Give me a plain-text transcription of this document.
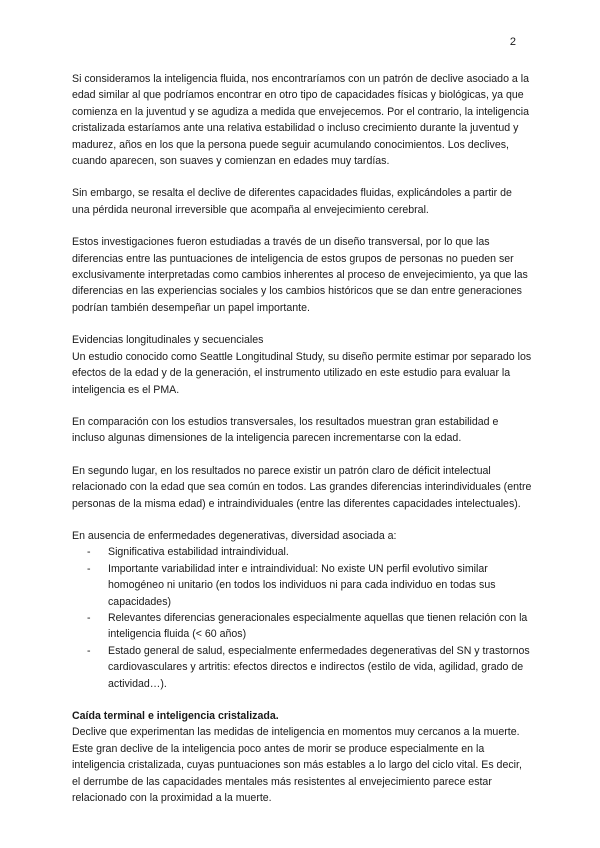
2

Si consideramos la inteligencia fluida, nos encontraríamos con un patrón de declive asociado a la edad similar al que podríamos encontrar en otro tipo de capacidades físicas y biológicas, ya que comienza en la juventud y se agudiza a medida que envejecemos. Por el contrario, la inteligencia cristalizada estaríamos ante una relativa estabilidad o incluso crecimiento durante la juventud y madurez, años en los que la persona puede seguir acumulando conocimientos. Los declives, cuando aparecen, son suaves y comienzan en edades muy tardías.

Sin embargo, se resalta el declive de diferentes capacidades fluidas, explicándoles a partir de una pérdida neuronal irreversible que acompaña al envejecimiento cerebral.

Estos investigaciones fueron estudiadas a través de un diseño transversal, por lo que las diferencias entre las puntuaciones de inteligencia de estos grupos de personas no pueden ser exclusivamente interpretadas como cambios inherentes al proceso de envejecimiento, ya que las diferencias en las experiencias sociales y los cambios históricos que se dan entre generaciones podrían también desempeñar un papel importante.

Evidencias longitudinales y secuenciales

Un estudio conocido como Seattle Longitudinal Study, su diseño permite estimar por separado los efectos de la edad y de la generación, el instrumento utilizado en este estudio para evaluar la inteligencia es el PMA.

En comparación con los estudios transversales, los resultados muestran gran estabilidad e incluso algunas dimensiones de la inteligencia parecen incrementarse con la edad.

En segundo lugar, en los resultados no parece existir un patrón claro de déficit intelectual relacionado con la edad que sea común en todos. Las grandes diferencias interindividuales (entre personas de la misma edad) e intraindividuales (entre las diferentes capacidades intelectuales).

En ausencia de enfermedades degenerativas, diversidad asociada a:
- Significativa estabilidad intraindividual.
- Importante variabilidad inter e intraindividual: No existe UN perfil evolutivo similar homogéneo ni unitario (en todos los individuos ni para cada individuo en todas sus capacidades)
- Relevantes diferencias generacionales especialmente aquellas que tienen relación con la inteligencia fluida (< 60 años)
- Estado general de salud, especialmente enfermedades degenerativas del SN y trastornos cardiovasculares y artritis: efectos directos e indirectos (estilo de vida, agilidad, grado de actividad…).
Caída terminal e inteligencia cristalizada.

Declive que experimentan las medidas de inteligencia en momentos muy cercanos a la muerte. Este gran declive de la inteligencia poco antes de morir se produce especialmente en la inteligencia cristalizada, cuyas puntuaciones son más estables a lo largo del ciclo vital. Es decir, el derrumbe de las capacidades mentales más resistentes al envejecimiento parece estar relacionado con la proximidad a la muerte.
